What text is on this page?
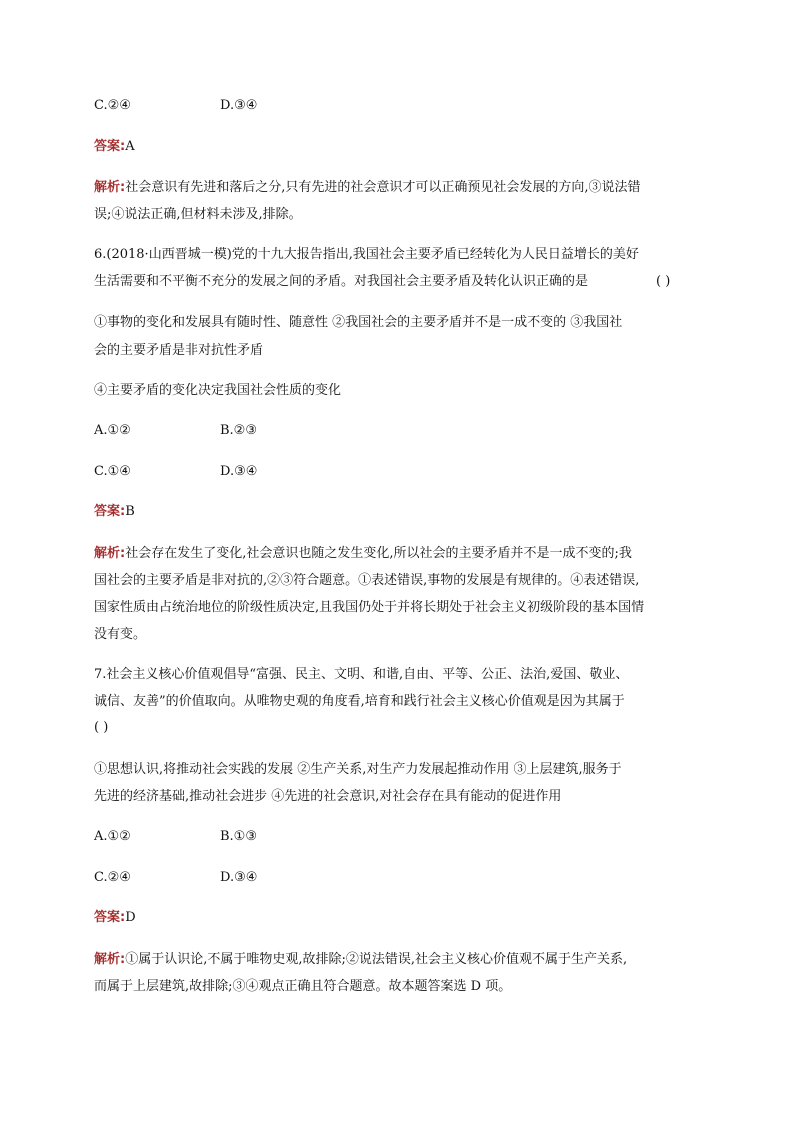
C.②④	D.③④
答案:A
解析:社会意识有先进和落后之分,只有先进的社会意识才可以正确预见社会发展的方向,③说法错
误;④说法正确,但材料未涉及,排除。
6.(2018·山西晋城一模)党的十九大报告指出,我国社会主要矛盾已经转化为人民日益增长的美好
生活需要和不平衡不充分的发展之间的矛盾。对我国社会主要矛盾及转化认识正确的是	( )
①事物的变化和发展具有随时性、随意性 ②我国社会的主要矛盾并不是一成不变的 ③我国社
会的主要矛盾是非对抗性矛盾
④主要矛盾的变化决定我国社会性质的变化
A.①②	B.②③
C.①④	D.③④
答案:B
解析:社会存在发生了变化,社会意识也随之发生变化,所以社会的主要矛盾并不是一成不变的;我
国社会的主要矛盾是非对抗的,②③符合题意。①表述错误,事物的发展是有规律的。④表述错误,
国家性质由占统治地位的阶级性质决定,且我国仍处于并将长期处于社会主义初级阶段的基本国情
没有变。
7.社会主义核心价值观倡导“富强、民主、文明、和谐,自由、平等、公正、法治,爱国、敬业、
诚信、友善”的价值取向。从唯物史观的角度看,培育和践行社会主义核心价值观是因为其属于
( )
①思想认识,将推动社会实践的发展 ②生产关系,对生产力发展起推动作用 ③上层建筑,服务于
先进的经济基础,推动社会进步 ④先进的社会意识,对社会存在具有能动的促进作用
A.①②	B.①③
C.②④	D.③④
答案:D
解析:①属于认识论,不属于唯物史观,故排除;②说法错误,社会主义核心价值观不属于生产关系,
而属于上层建筑,故排除;③④观点正确且符合题意。故本题答案选 D 项。
